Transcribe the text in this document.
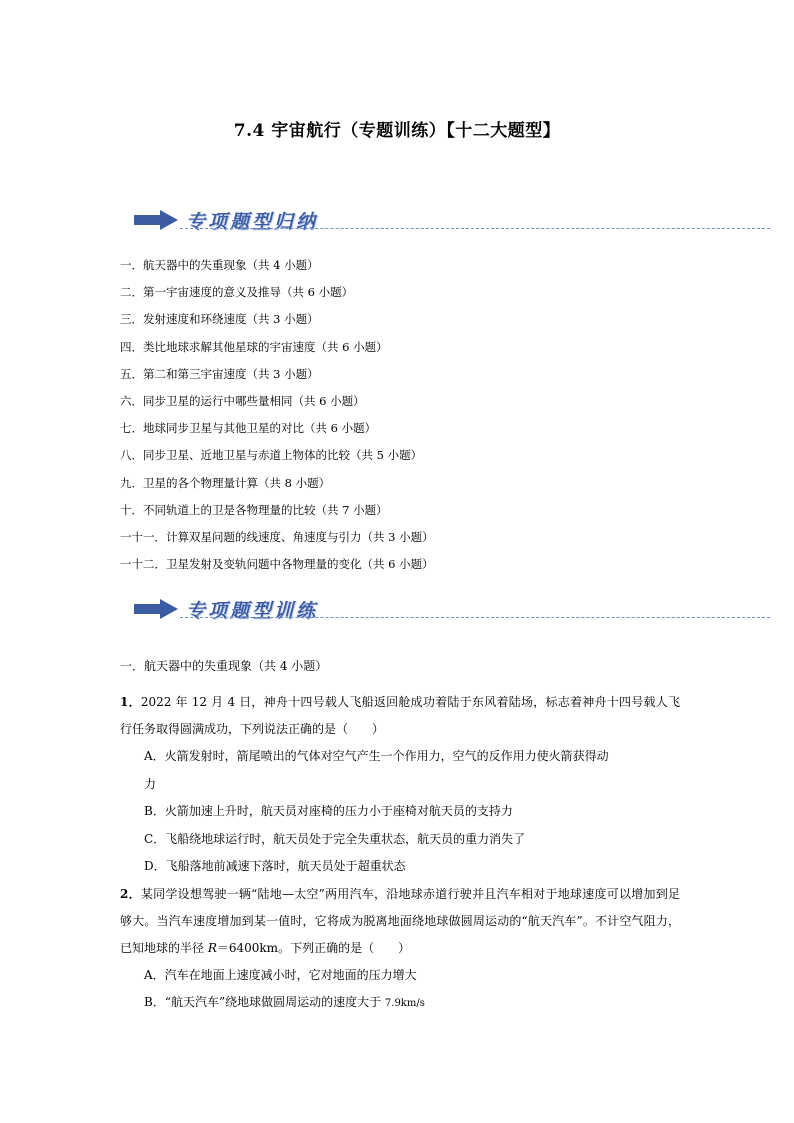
7.4 宇宙航行（专题训练）【十二大题型】
专项题型归纳
一．航天器中的失重现象（共 4 小题）
二．第一宇宙速度的意义及推导（共 6 小题）
三．发射速度和环绕速度（共 3 小题）
四．类比地球求解其他星球的宇宙速度（共 6 小题）
五．第二和第三宇宙速度（共 3 小题）
六．同步卫星的运行中哪些量相同（共 6 小题）
七．地球同步卫星与其他卫星的对比（共 6 小题）
八．同步卫星、近地卫星与赤道上物体的比较（共 5 小题）
九．卫星的各个物理量计算（共 8 小题）
十．不同轨道上的卫是各物理量的比较（共 7 小题）
一十一．计算双星问题的线速度、角速度与引力（共 3 小题）
一十二．卫星发射及变轨问题中各物理量的变化（共 6 小题）
专项题型训练
一．航天器中的失重现象（共 4 小题）
1．2022 年 12 月 4 日，神舟十四号载人飞船返回舱成功着陆于东风着陆场，标志着神舟十四号载人飞行任务取得圆满成功，下列说法正确的是（　　）
A．火箭发射时，箭尾喷出的气体对空气产生一个作用力，空气的反作用力使火箭获得动
力
B．火箭加速上升时，航天员对座椅的压力小于座椅对航天员的支持力
C．飞船绕地球运行时，航天员处于完全失重状态，航天员的重力消失了
D．飞船落地前减速下落时，航天员处于超重状态
2．某同学设想驾驶一辆“陆地—太空”两用汽车，沿地球赤道行驶并且汽车相对于地球速度可以增加到足够大。当汽车速度增加到某一值时，它将成为脱离地面绕地球做圆周运动的“航天汽车”。不计空气阻力，已知地球的半径 R＝6400km。下列正确的是（　　）
A．汽车在地面上速度减小时，它对地面的压力增大
B．“航天汽车”绕地球做圆周运动的速度大于 7.9km/s
